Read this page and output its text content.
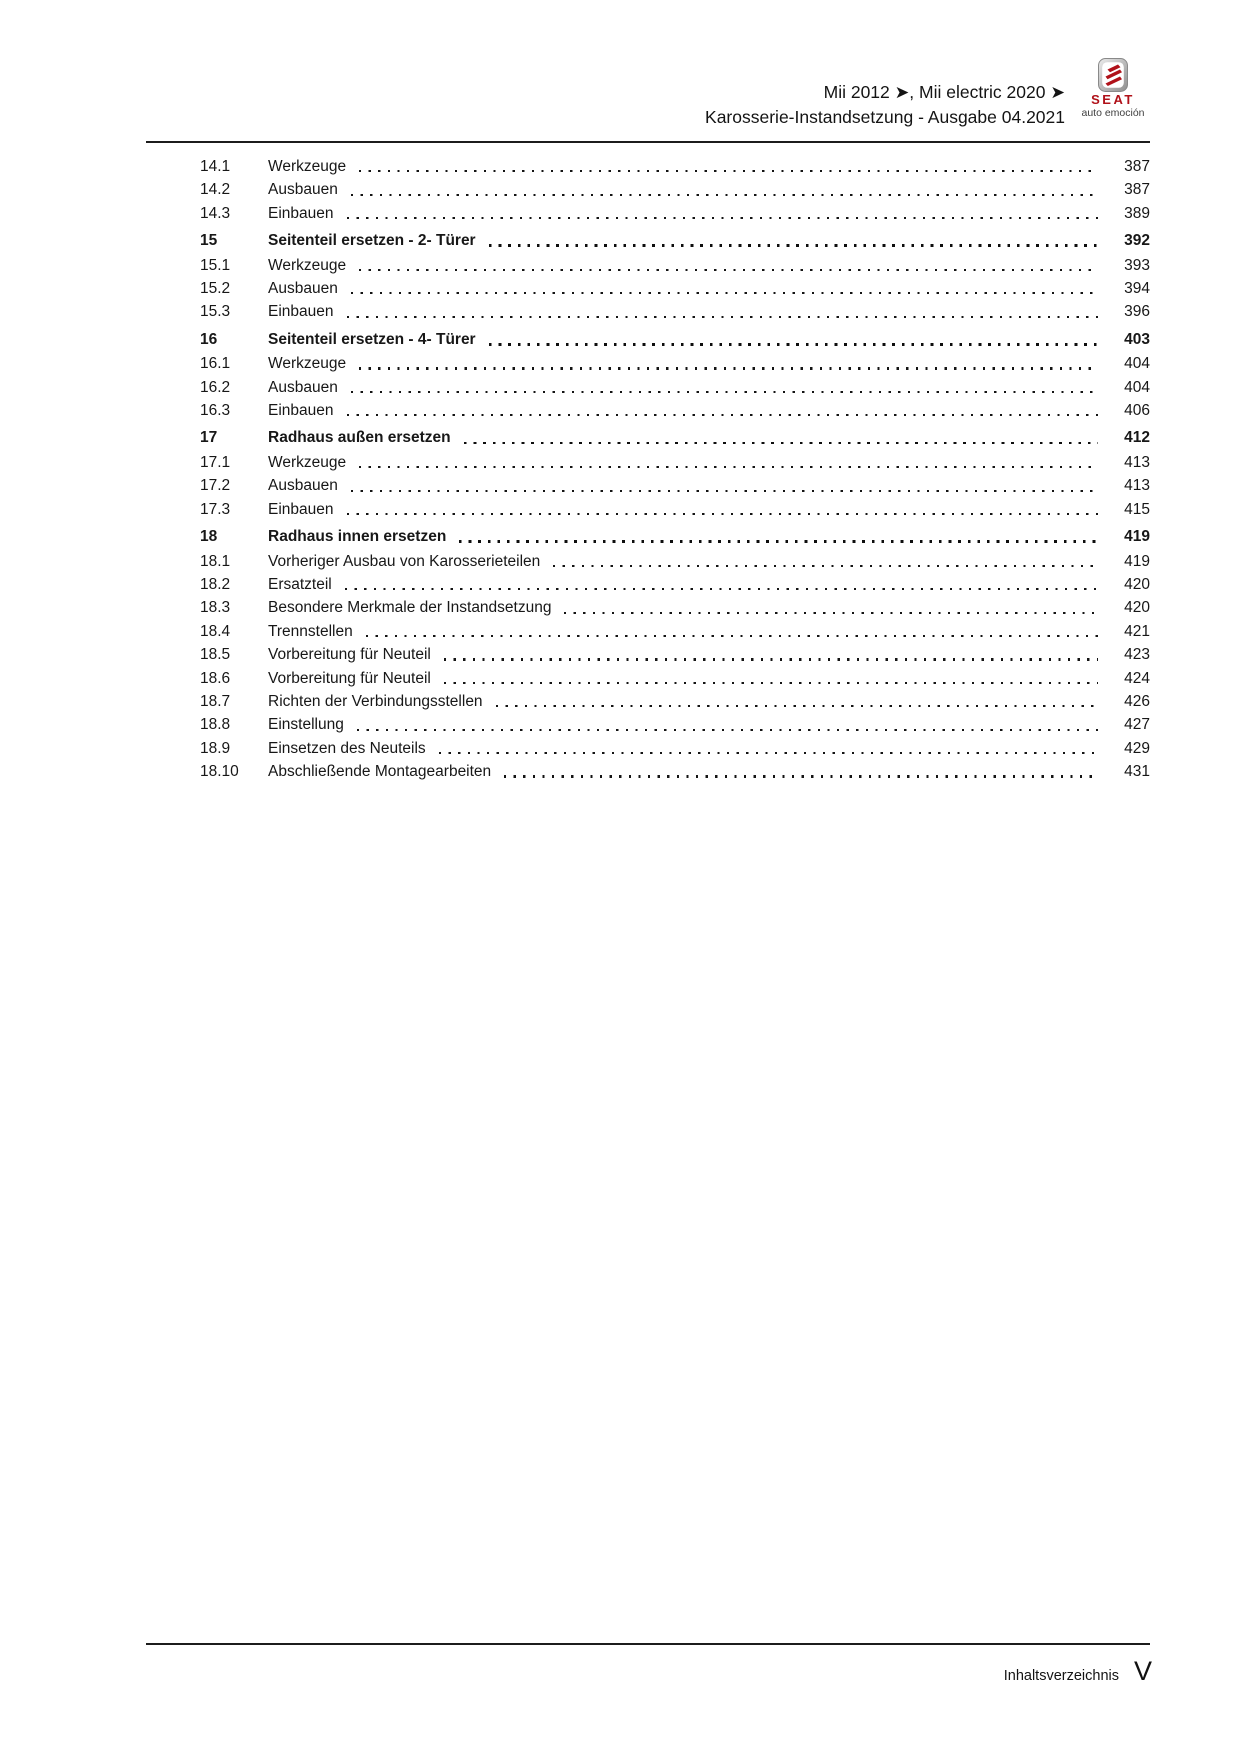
Mii 2012 ➤, Mii electric 2020 ➤
Karosserie-Instandsetzung - Ausgabe 04.2021
SEAT
auto emoción
14.1	Werkzeuge	387
14.2	Ausbauen	387
14.3	Einbauen	389
15	Seitenteil ersetzen - 2- Türer	392
15.1	Werkzeuge	393
15.2	Ausbauen	394
15.3	Einbauen	396
16	Seitenteil ersetzen - 4- Türer	403
16.1	Werkzeuge	404
16.2	Ausbauen	404
16.3	Einbauen	406
17	Radhaus außen ersetzen	412
17.1	Werkzeuge	413
17.2	Ausbauen	413
17.3	Einbauen	415
18	Radhaus innen ersetzen	419
18.1	Vorheriger Ausbau von Karosserieteilen	419
18.2	Ersatzteil	420
18.3	Besondere Merkmale der Instandsetzung	420
18.4	Trennstellen	421
18.5	Vorbereitung für Neuteil	423
18.6	Vorbereitung für Neuteil	424
18.7	Richten der Verbindungsstellen	426
18.8	Einstellung	427
18.9	Einsetzen des Neuteils	429
18.10	Abschließende Montagearbeiten	431
Inhaltsverzeichnis V
